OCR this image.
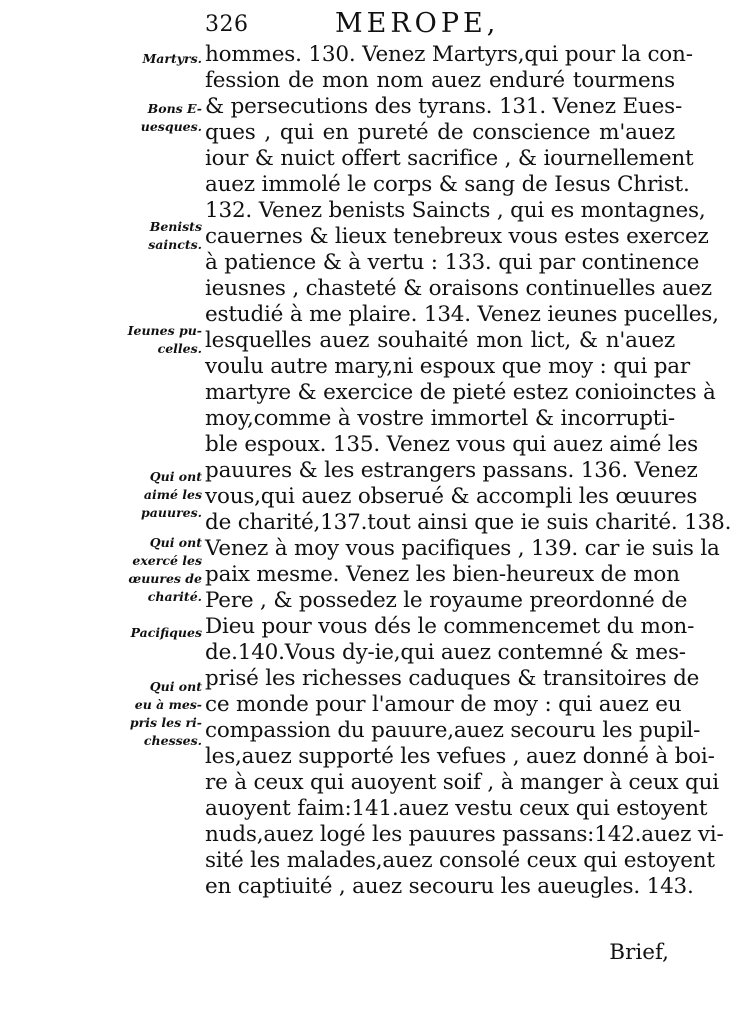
326	MEROPE,
Martyrs.
Bons E-
uesques.
Benists
saincts.
Ieunes pu-
celles.
Qui ont
aimé les
pauures.
Qui ont
exercé les
œuures de
charité.
Pacifiques
Qui ont
eu à mes-
pris les ri-
chesses.
hommes. 130. Venez Martyrs,qui pour la con-
fession de mon nom auez enduré tourmens
& persecutions des tyrans. 131. Venez Eues-
ques , qui en pureté de conscience m'auez
iour & nuict offert sacrifice , & iournellement
auez immolé le corps & sang de Iesus Christ.
132. Venez benists Saincts , qui es montagnes,
cauernes & lieux tenebreux vous estes exercez
à patience & à vertu : 133. qui par continence
ieusnes , chasteté & oraisons continuelles auez
estudié à me plaire. 134. Venez ieunes pucelles,
lesquelles auez souhaité mon lict, & n'auez
voulu autre mary,ni espoux que moy : qui par
martyre & exercice de pieté estez conioinctes à
moy,comme à vostre immortel & incorrupti-
ble espoux. 135. Venez vous qui auez aimé les
pauures & les estrangers passans. 136. Venez
vous,qui auez obserué & accompli les œuures
de charité,137.tout ainsi que ie suis charité. 138.
Venez à moy vous pacifiques , 139. car ie suis la
paix mesme. Venez les bien-heureux de mon
Pere , & possedez le royaume preordonné de
Dieu pour vous dés le commencemet du mon-
de.140.Vous dy-ie,qui auez contemné & mes-
prisé les richesses caduques & transitoires de
ce monde pour l'amour de moy : qui auez eu
compassion du pauure,auez secouru les pupil-
les,auez supporté les vefues , auez donné à boi-
re à ceux qui auoyent soif , à manger à ceux qui
auoyent faim:141.auez vestu ceux qui estoyent
nuds,auez logé les pauures passans:142.auez vi-
sité les malades,auez consolé ceux qui estoyent
en captiuité , auez secouru les aueugles. 143.
Brief,
